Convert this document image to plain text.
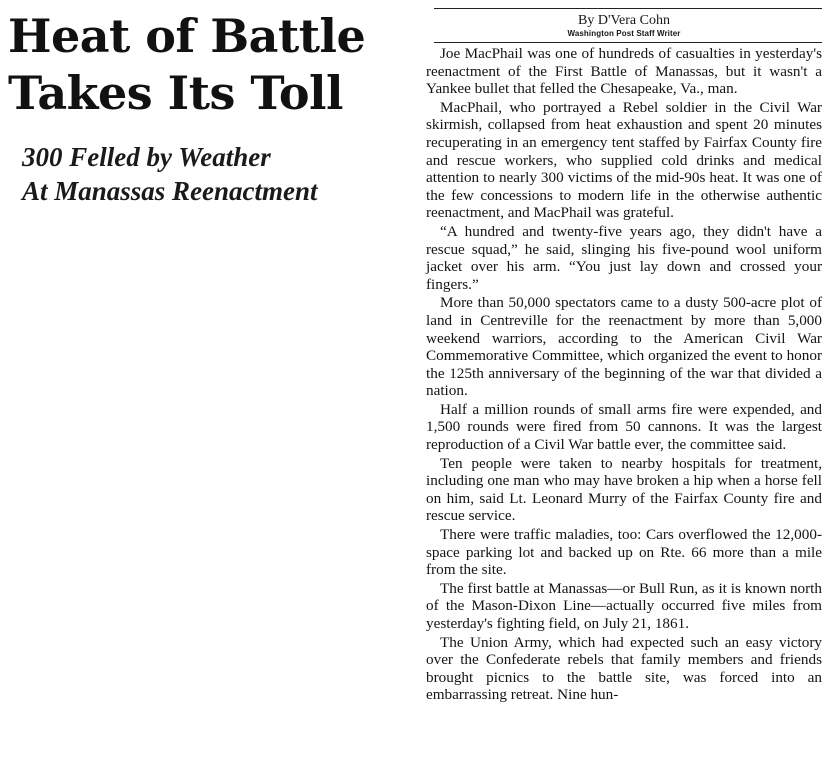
Heat of Battle
Takes Its Toll
300 Felled by Weather
At Manassas Reenactment
By D'Vera Cohn
Washington Post Staff Writer

Joe MacPhail was one of hundreds of casualties in yesterday's reenactment of the First Battle of Manassas, but it wasn't a Yankee bullet that felled the Chesapeake, Va., man.

MacPhail, who portrayed a Rebel soldier in the Civil War skirmish, collapsed from heat exhaustion and spent 20 minutes recuperating in an emergency tent staffed by Fairfax County fire and rescue workers, who supplied cold drinks and medical attention to nearly 300 victims of the mid-90s heat. It was one of the few concessions to modern life in the otherwise authentic reenactment, and MacPhail was grateful.

“A hundred and twenty-five years ago, they didn't have a rescue squad,” he said, slinging his five-pound wool uniform jacket over his arm. “You just lay down and crossed your fingers.”

More than 50,000 spectators came to a dusty 500-acre plot of land in Centreville for the reenactment by more than 5,000 weekend warriors, according to the American Civil War Commemorative Committee, which organized the event to honor the 125th anniversary of the beginning of the war that divided a nation.

Half a million rounds of small arms fire were expended, and 1,500 rounds were fired from 50 cannons. It was the largest reproduction of a Civil War battle ever, the committee said.

Ten people were taken to nearby hospitals for treatment, including one man who may have broken a hip when a horse fell on him, said Lt. Leonard Murry of the Fairfax County fire and rescue service.

There were traffic maladies, too: Cars overflowed the 12,000-space parking lot and backed up on Rte. 66 more than a mile from the site.

The first battle at Manassas—or Bull Run, as it is known north of the Mason-Dixon Line—actually occurred five miles from yesterday's fighting field, on July 21, 1861.

The Union Army, which had expected such an easy victory over the Confederate rebels that family members and friends brought picnics to the battle site, was forced into an embarrassing retreat. Nine hun-
